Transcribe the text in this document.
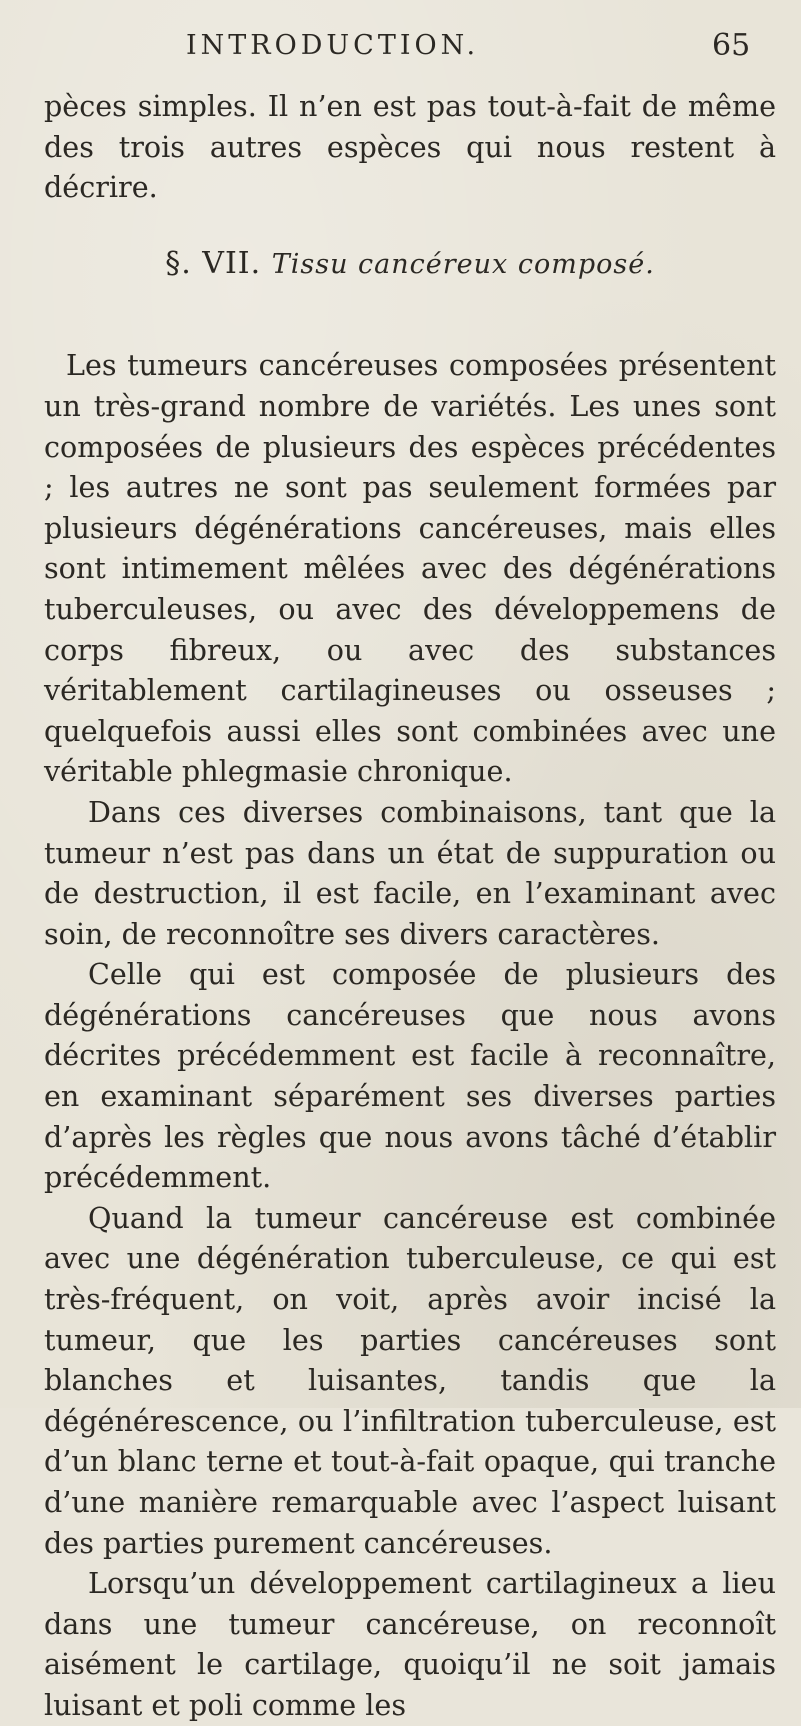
INTRODUCTION.	65

pèces simples. Il n’en est pas tout-à-fait de même des trois autres espèces qui nous restent à décrire.

§. VII. Tissu cancéreux composé.

Les tumeurs cancéreuses composées présentent un très-grand nombre de variétés. Les unes sont composées de plusieurs des espèces précédentes ; les autres ne sont pas seulement formées par plusieurs dégénérations cancéreuses, mais elles sont intimement mêlées avec des dégénérations tuberculeuses, ou avec des développemens de corps fibreux, ou avec des substances véritablement cartilagineuses ou osseuses ; quelquefois aussi elles sont combinées avec une véritable phlegmasie chronique.

Dans ces diverses combinaisons, tant que la tumeur n’est pas dans un état de suppuration ou de destruction, il est facile, en l’examinant avec soin, de reconnoître ses divers caractères.

Celle qui est composée de plusieurs des dégénérations cancéreuses que nous avons décrites précédemment est facile à reconnaître, en examinant séparément ses diverses parties d’après les règles que nous avons tâché d’établir précédemment.

Quand la tumeur cancéreuse est combinée avec une dégénération tuberculeuse, ce qui est très-fréquent, on voit, après avoir incisé la tumeur, que les parties cancéreuses sont blanches et luisantes, tandis que la dégénérescence, ou l’infiltration tuberculeuse, est d’un blanc terne et tout-à-fait opaque, qui tranche d’une manière remarquable avec l’aspect luisant des parties purement cancéreuses.

Lorsqu’un développement cartilagineux a lieu dans une tumeur cancéreuse, on reconnoît aisément le cartilage, quoiqu’il ne soit jamais luisant et poli comme les
